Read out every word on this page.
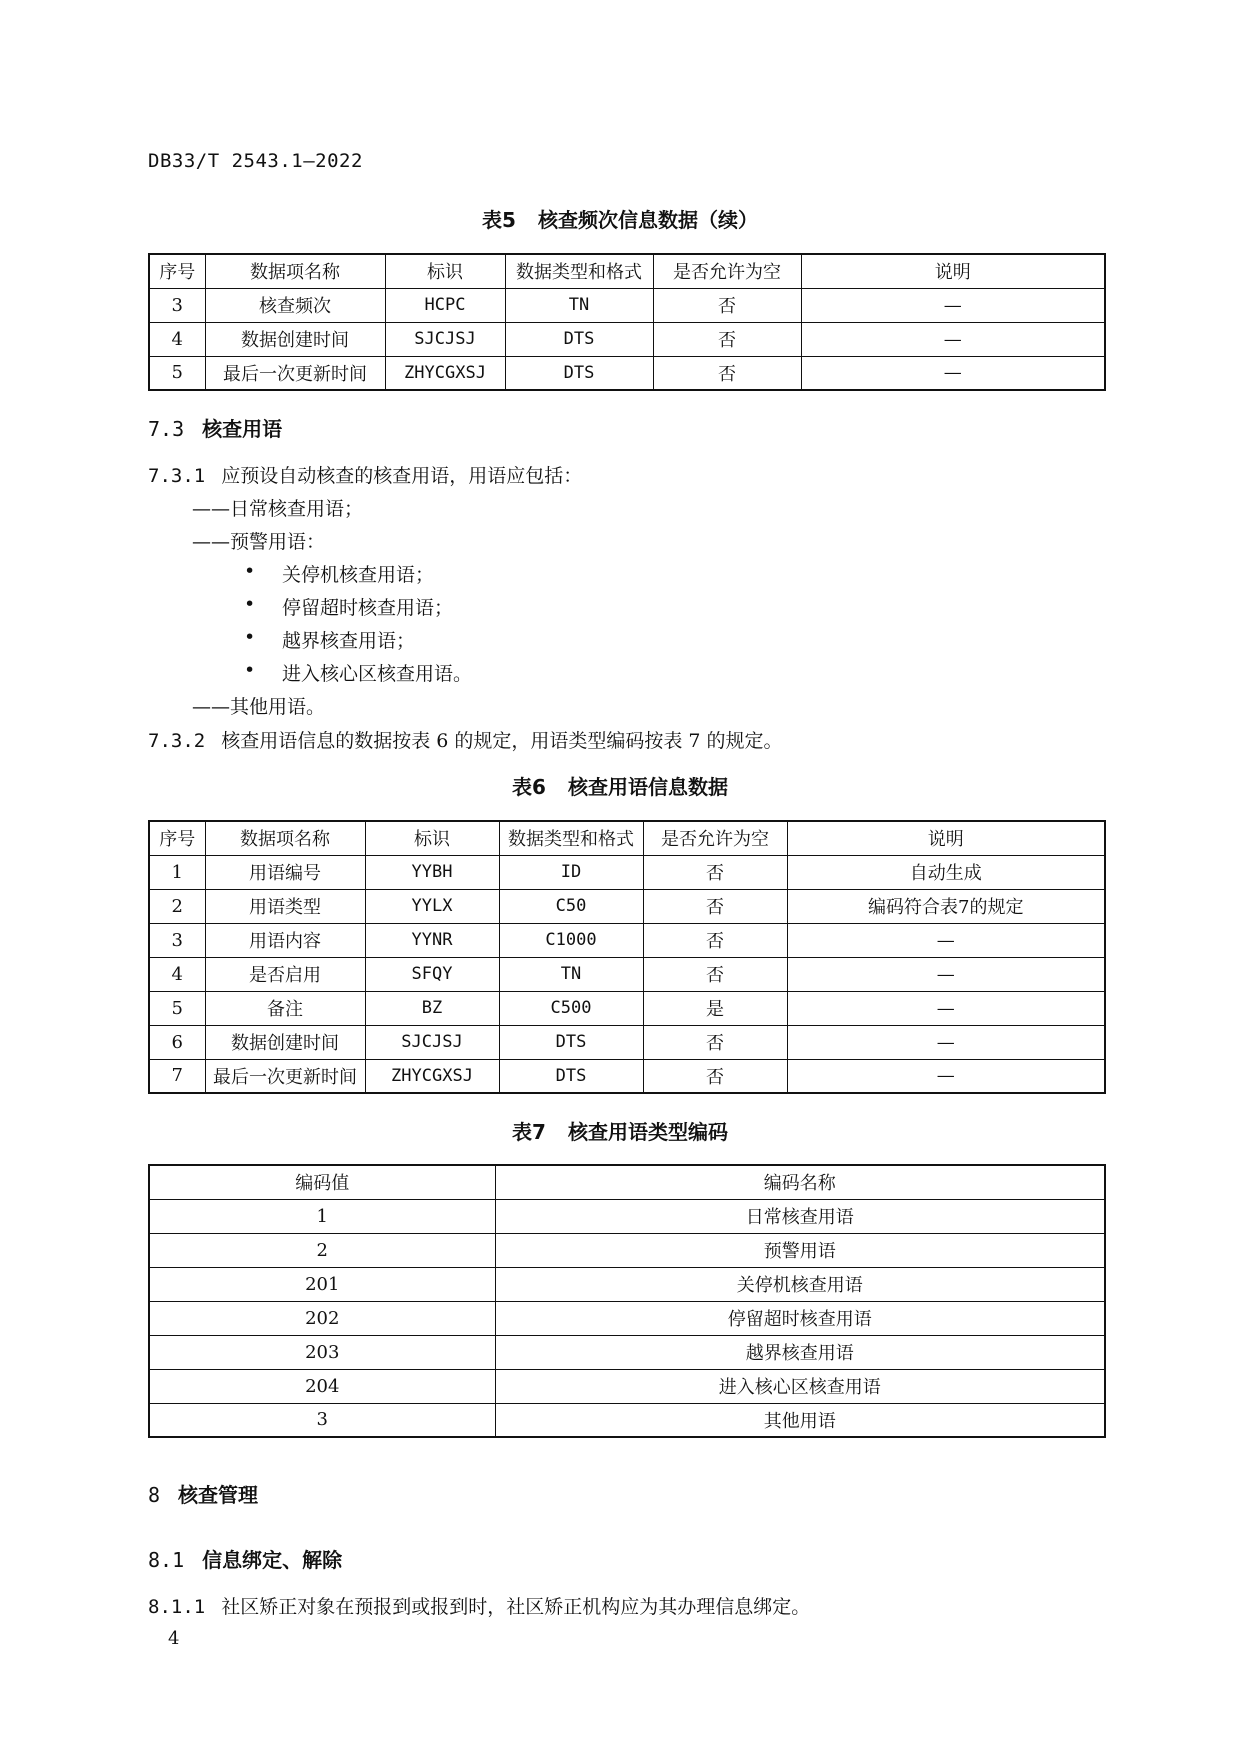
DB33/T 2543.1—2022
表5 核查频次信息数据（续）
序号	数据项名称	标识	数据类型和格式	是否允许为空	说明
3	核查频次	HCPC	TN	否	—
4	数据创建时间	SJCJSJ	DTS	否	—
5	最后一次更新时间	ZHYCGXSJ	DTS	否	—
7.3 核查用语
7.3.1 应预设自动核查的核查用语，用语应包括：
——日常核查用语；
——预警用语：
• 关停机核查用语；
• 停留超时核查用语；
• 越界核查用语；
• 进入核心区核查用语。
——其他用语。
7.3.2 核查用语信息的数据按表 6 的规定，用语类型编码按表 7 的规定。
表6 核查用语信息数据
序号	数据项名称	标识	数据类型和格式	是否允许为空	说明
1	用语编号	YYBH	ID	否	自动生成
2	用语类型	YYLX	C50	否	编码符合表7的规定
3	用语内容	YYNR	C1000	否	—
4	是否启用	SFQY	TN	否	—
5	备注	BZ	C500	是	—
6	数据创建时间	SJCJSJ	DTS	否	—
7	最后一次更新时间	ZHYCGXSJ	DTS	否	—
表7 核查用语类型编码
编码值	编码名称
1	日常核查用语
2	预警用语
201	关停机核查用语
202	停留超时核查用语
203	越界核查用语
204	进入核心区核查用语
3	其他用语
8 核查管理
8.1 信息绑定、解除
8.1.1 社区矫正对象在预报到或报到时，社区矫正机构应为其办理信息绑定。
4
